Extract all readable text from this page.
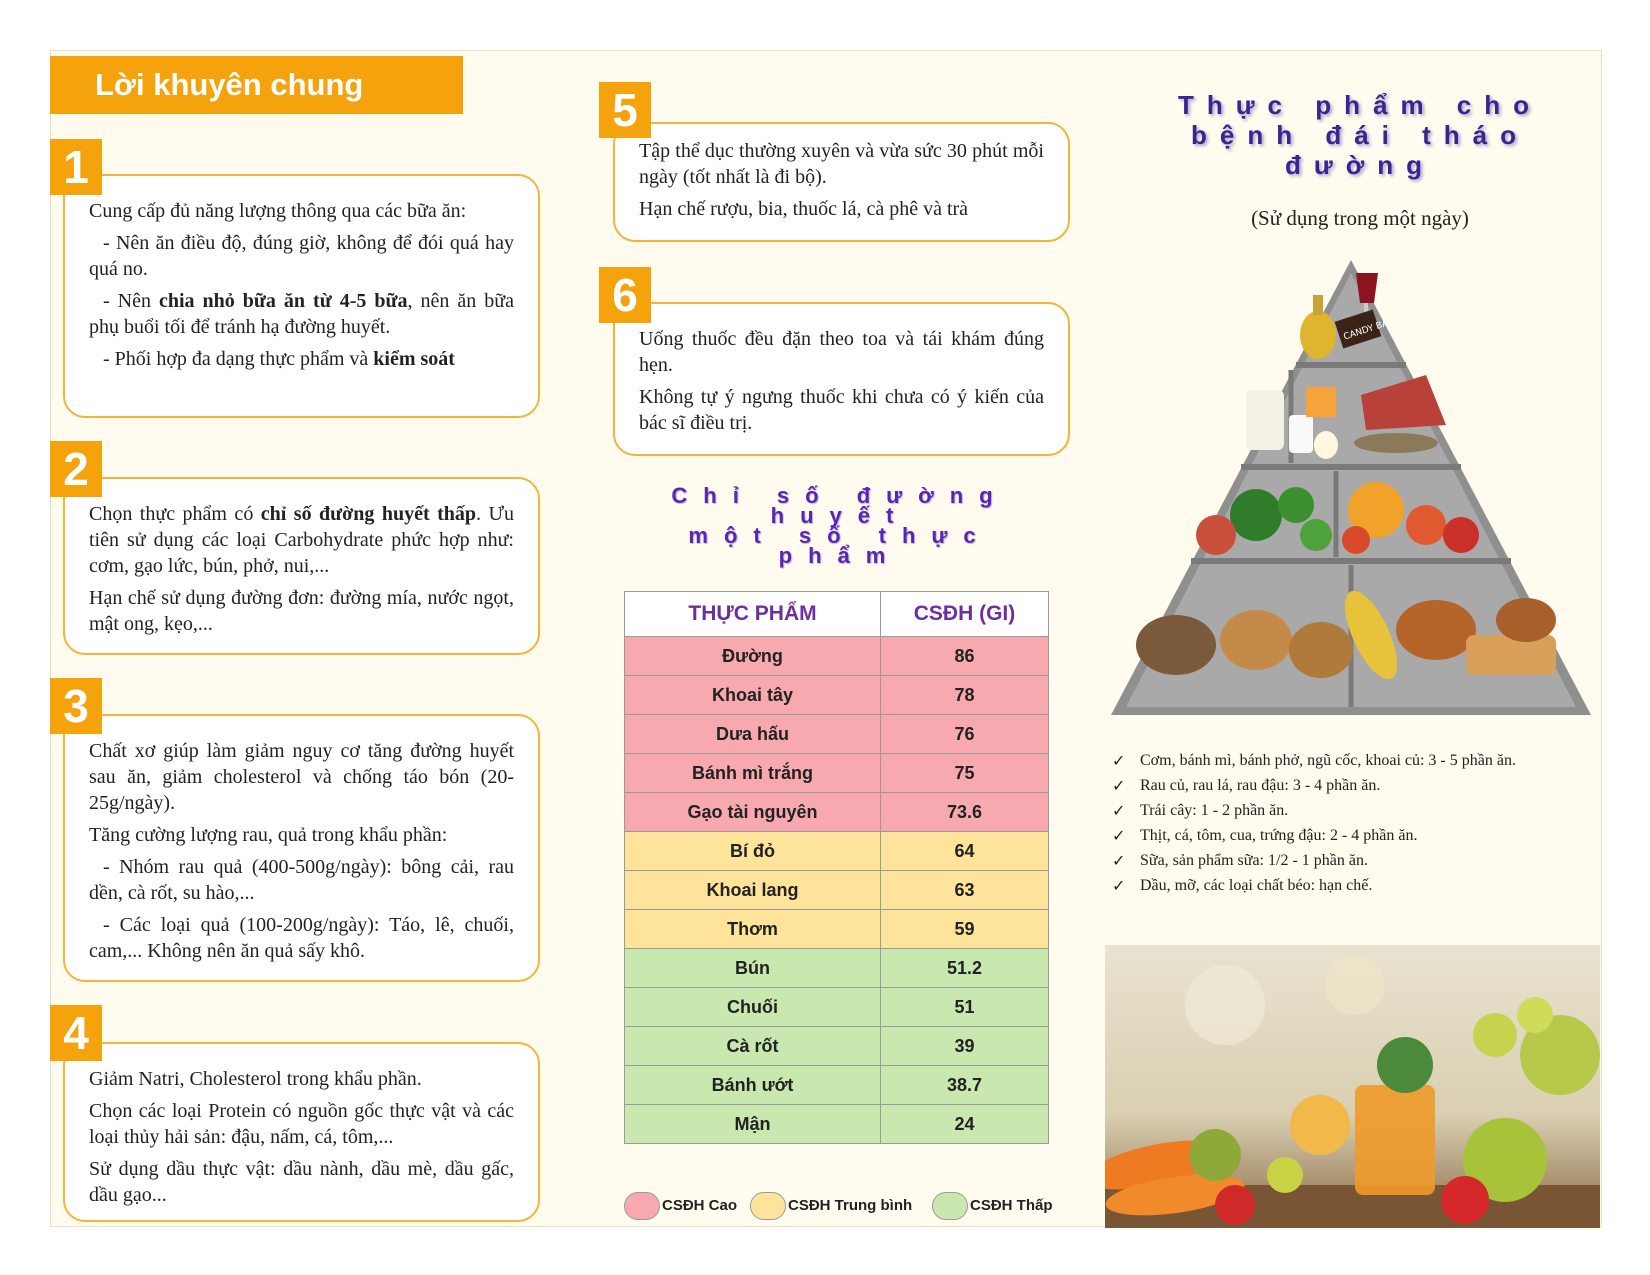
Lời khuyên chung

Cung cấp đủ năng lượng thông qua các bữa ăn:

- Nên ăn điều độ, đúng giờ, không để đói quá hay quá no.

- Nên chia nhỏ bữa ăn từ 4-5 bữa, nên ăn bữa phụ buổi tối để tránh hạ đường huyết.

- Phối hợp đa dạng thực phẩm và kiểm soát

1

Chọn thực phẩm có chỉ số đường huyết thấp. Ưu tiên sử dụng các loại Carbohydrate phức hợp như: cơm, gạo lức, bún, phở, nui,...

Hạn chế sử dụng đường đơn: đường mía, nước ngọt, mật ong, kẹo,...

2

Chất xơ giúp làm giảm nguy cơ tăng đường huyết sau ăn, giảm cholesterol và chống táo bón (20-25g/ngày).

Tăng cường lượng rau, quả trong khẩu phần:

- Nhóm rau quả (400-500g/ngày): bông cải, rau dền, cà rốt, su hào,...

- Các loại quả (100-200g/ngày): Táo, lê, chuối, cam,... Không nên ăn quả sấy khô.

3

Giảm Natri, Cholesterol trong khẩu phần.

Chọn các loại Protein có nguồn gốc thực vật và các loại thủy hải sản: đậu, nấm, cá, tôm,...

Sử dụng dầu thực vật: dầu nành, dầu mè, dầu gấc, dầu gạo...

4

Tập thể dục thường xuyên và vừa sức 30 phút mỗi ngày (tốt nhất là đi bộ).

Hạn chế rượu, bia, thuốc lá, cà phê và trà

5

Uống thuốc đều đặn theo toa và tái khám đúng hẹn.

Không tự ý ngưng thuốc khi chưa có ý kiến của bác sĩ điều trị.

6
Chỉ số đường
huyết
một số thực
phẩm
THỰC PHẨM	CSĐH (GI)
Đường	86
Khoai tây	78
Dưa hấu	76
Bánh mì trắng	75
Gạo tài nguyên	73.6
Bí đỏ	64
Khoai lang	63
Thơm	59
Bún	51.2
Chuối	51
Cà rốt	39
Bánh ướt	38.7
Mận	24
CSĐH Cao	CSĐH Trung bình	CSĐH Thấp
Thực phẩm cho
bệnh đái tháo
đường
(Sử dụng trong một ngày)
CANDY BAR
✓ Cơm, bánh mì, bánh phở, ngũ cốc, khoai củ: 3 - 5 phần ăn.
✓ Rau củ, rau lá, rau đậu: 3 - 4 phần ăn.
✓ Trái cây: 1 - 2 phần ăn.
✓ Thịt, cá, tôm, cua, trứng đậu: 2 - 4 phần ăn.
✓ Sữa, sản phẩm sữa: 1/2 - 1 phần ăn.
✓ Dầu, mỡ, các loại chất béo: hạn chế.
